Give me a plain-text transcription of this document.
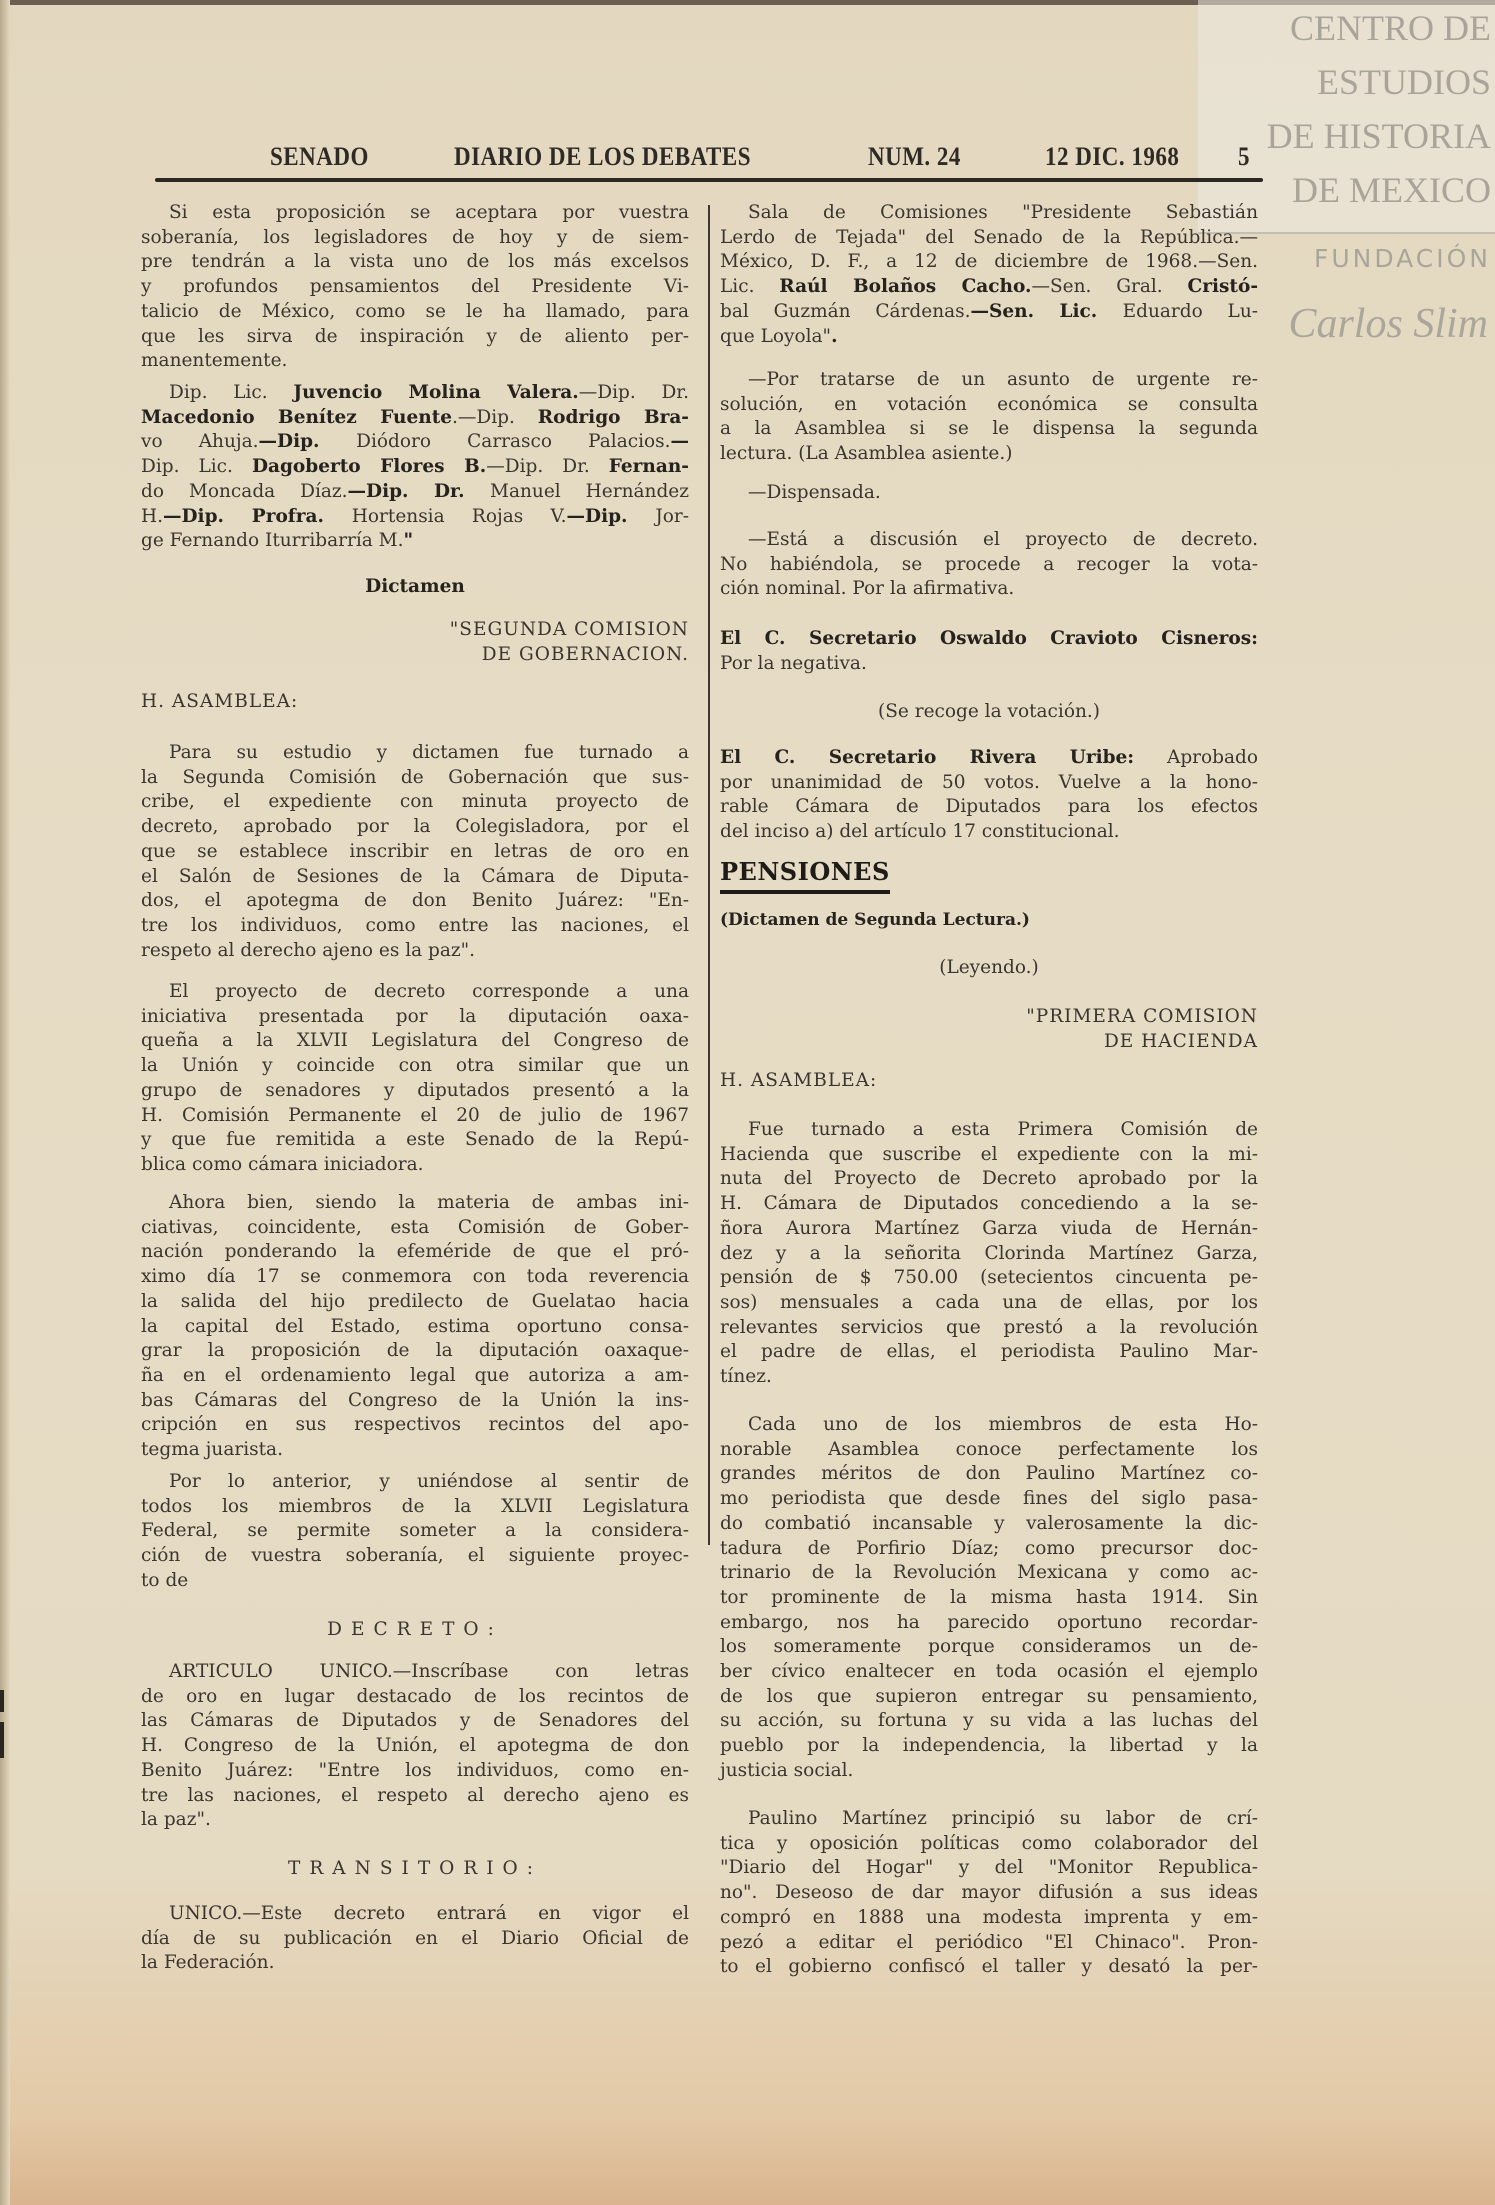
CENTRO DE
ESTUDIOS
DE HISTORIA
DE MEXICO
FUNDACIÓN
Carlos Slim
SENADO	DIARIO DE LOS DEBATES	NUM. 24	12 DIC. 1968	5
Si esta proposición se aceptara por vuestra
soberanía, los legisladores de hoy y de siem-
pre tendrán a la vista uno de los más excelsos
y profundos pensamientos del Presidente Vi-
talicio de México, como se le ha llamado, para
que les sirva de inspiración y de aliento per-
manentemente.
Dip. Lic. Juvencio Molina Valera.—Dip. Dr.
Macedonio Benítez Fuente.—Dip. Rodrigo Bra-
vo Ahuja.—Dip. Diódoro Carrasco Palacios.—
Dip. Lic. Dagoberto Flores B.—Dip. Dr. Fernan-
do Moncada Díaz.—Dip. Dr. Manuel Hernández
H.—Dip. Profra. Hortensia Rojas V.—Dip. Jor-
ge Fernando Iturribarría M."
Dictamen
"SEGUNDA COMISION
DE GOBERNACION.
H. ASAMBLEA:
Para su estudio y dictamen fue turnado a
la Segunda Comisión de Gobernación que sus-
cribe, el expediente con minuta proyecto de
decreto, aprobado por la Colegisladora, por el
que se establece inscribir en letras de oro en
el Salón de Sesiones de la Cámara de Diputa-
dos, el apotegma de don Benito Juárez: "En-
tre los individuos, como entre las naciones, el
respeto al derecho ajeno es la paz".
El proyecto de decreto corresponde a una
iniciativa presentada por la diputación oaxa-
queña a la XLVII Legislatura del Congreso de
la Unión y coincide con otra similar que un
grupo de senadores y diputados presentó a la
H. Comisión Permanente el 20 de julio de 1967
y que fue remitida a este Senado de la Repú-
blica como cámara iniciadora.
Ahora bien, siendo la materia de ambas ini-
ciativas, coincidente, esta Comisión de Gober-
nación ponderando la efeméride de que el pró-
ximo día 17 se conmemora con toda reverencia
la salida del hijo predilecto de Guelatao hacia
la capital del Estado, estima oportuno consa-
grar la proposición de la diputación oaxaque-
ña en el ordenamiento legal que autoriza a am-
bas Cámaras del Congreso de la Unión la ins-
cripción en sus respectivos recintos del apo-
tegma juarista.
Por lo anterior, y uniéndose al sentir de
todos los miembros de la XLVII Legislatura
Federal, se permite someter a la considera-
ción de vuestra soberanía, el siguiente proyec-
to de
DECRETO:
ARTICULO UNICO.—Inscríbase con letras
de oro en lugar destacado de los recintos de
las Cámaras de Diputados y de Senadores del
H. Congreso de la Unión, el apotegma de don
Benito Juárez: "Entre los individuos, como en-
tre las naciones, el respeto al derecho ajeno es
la paz".
TRANSITORIO:
UNICO.—Este decreto entrará en vigor el
día de su publicación en el Diario Oficial de
la Federación.
Sala de Comisiones "Presidente Sebastián
Lerdo de Tejada" del Senado de la República.—
México, D. F., a 12 de diciembre de 1968.—Sen.
Lic. Raúl Bolaños Cacho.—Sen. Gral. Cristó-
bal Guzmán Cárdenas.—Sen. Lic. Eduardo Lu-
que Loyola".
—Por tratarse de un asunto de urgente re-
solución, en votación económica se consulta
a la Asamblea si se le dispensa la segunda
lectura. (La Asamblea asiente.)
—Dispensada.
—Está a discusión el proyecto de decreto.
No habiéndola, se procede a recoger la vota-
ción nominal. Por la afirmativa.
El C. Secretario Oswaldo Cravioto Cisneros:
Por la negativa.
(Se recoge la votación.)
El C. Secretario Rivera Uribe: Aprobado
por unanimidad de 50 votos. Vuelve a la hono-
rable Cámara de Diputados para los efectos
del inciso a) del artículo 17 constitucional.
PENSIONES
(Dictamen de Segunda Lectura.)
(Leyendo.)
"PRIMERA COMISION
DE HACIENDA
H. ASAMBLEA:
Fue turnado a esta Primera Comisión de
Hacienda que suscribe el expediente con la mi-
nuta del Proyecto de Decreto aprobado por la
H. Cámara de Diputados concediendo a la se-
ñora Aurora Martínez Garza viuda de Hernán-
dez y a la señorita Clorinda Martínez Garza,
pensión de $ 750.00 (setecientos cincuenta pe-
sos) mensuales a cada una de ellas, por los
relevantes servicios que prestó a la revolución
el padre de ellas, el periodista Paulino Mar-
tínez.
Cada uno de los miembros de esta Ho-
norable Asamblea conoce perfectamente los
grandes méritos de don Paulino Martínez co-
mo periodista que desde fines del siglo pasa-
do combatió incansable y valerosamente la dic-
tadura de Porfirio Díaz; como precursor doc-
trinario de la Revolución Mexicana y como ac-
tor prominente de la misma hasta 1914. Sin
embargo, nos ha parecido oportuno recordar-
los someramente porque consideramos un de-
ber cívico enaltecer en toda ocasión el ejemplo
de los que supieron entregar su pensamiento,
su acción, su fortuna y su vida a las luchas del
pueblo por la independencia, la libertad y la
justicia social.
Paulino Martínez principió su labor de crí-
tica y oposición políticas como colaborador del
"Diario del Hogar" y del "Monitor Republica-
no". Deseoso de dar mayor difusión a sus ideas
compró en 1888 una modesta imprenta y em-
pezó a editar el periódico "El Chinaco". Pron-
to el gobierno confiscó el taller y desató la per-
